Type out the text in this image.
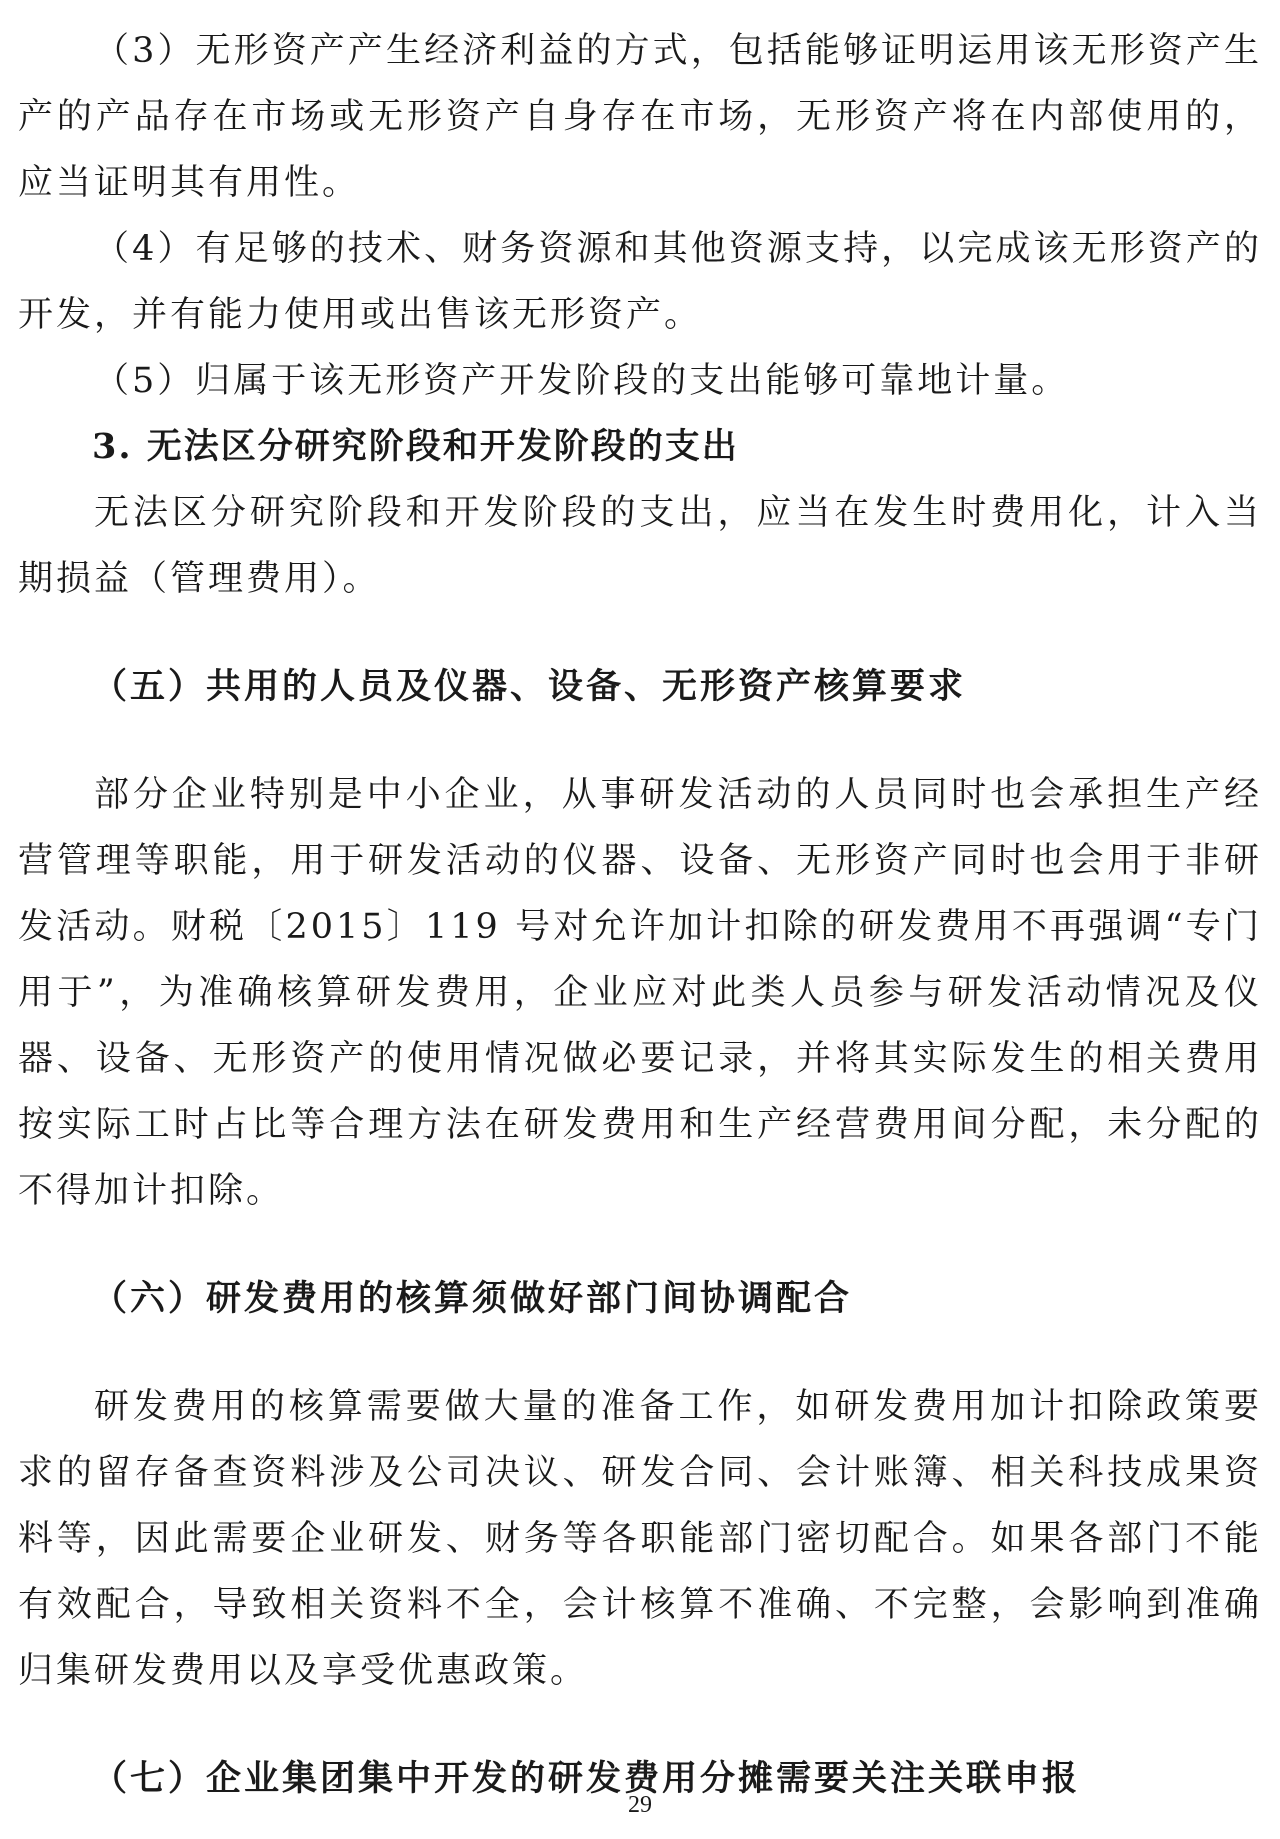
（3）无形资产产生经济利益的方式，包括能够证明运用该无形资产生产的产品存在市场或无形资产自身存在市场，无形资产将在内部使用的，应当证明其有用性。

（4）有足够的技术、财务资源和其他资源支持，以完成该无形资产的开发，并有能力使用或出售该无形资产。

（5）归属于该无形资产开发阶段的支出能够可靠地计量。

3. 无法区分研究阶段和开发阶段的支出

无法区分研究阶段和开发阶段的支出，应当在发生时费用化，计入当期损益（管理费用）。

（五）共用的人员及仪器、设备、无形资产核算要求

部分企业特别是中小企业，从事研发活动的人员同时也会承担生产经营管理等职能，用于研发活动的仪器、设备、无形资产同时也会用于非研发活动。财税〔2015〕119 号对允许加计扣除的研发费用不再强调“专门用于”，为准确核算研发费用，企业应对此类人员参与研发活动情况及仪器、设备、无形资产的使用情况做必要记录，并将其实际发生的相关费用按实际工时占比等合理方法在研发费用和生产经营费用间分配，未分配的不得加计扣除。

（六）研发费用的核算须做好部门间协调配合

研发费用的核算需要做大量的准备工作，如研发费用加计扣除政策要求的留存备查资料涉及公司决议、研发合同、会计账簿、相关科技成果资料等，因此需要企业研发、财务等各职能部门密切配合。如果各部门不能有效配合，导致相关资料不全，会计核算不准确、不完整，会影响到准确归集研发费用以及享受优惠政策。

（七）企业集团集中开发的研发费用分摊需要关注关联申报

29
